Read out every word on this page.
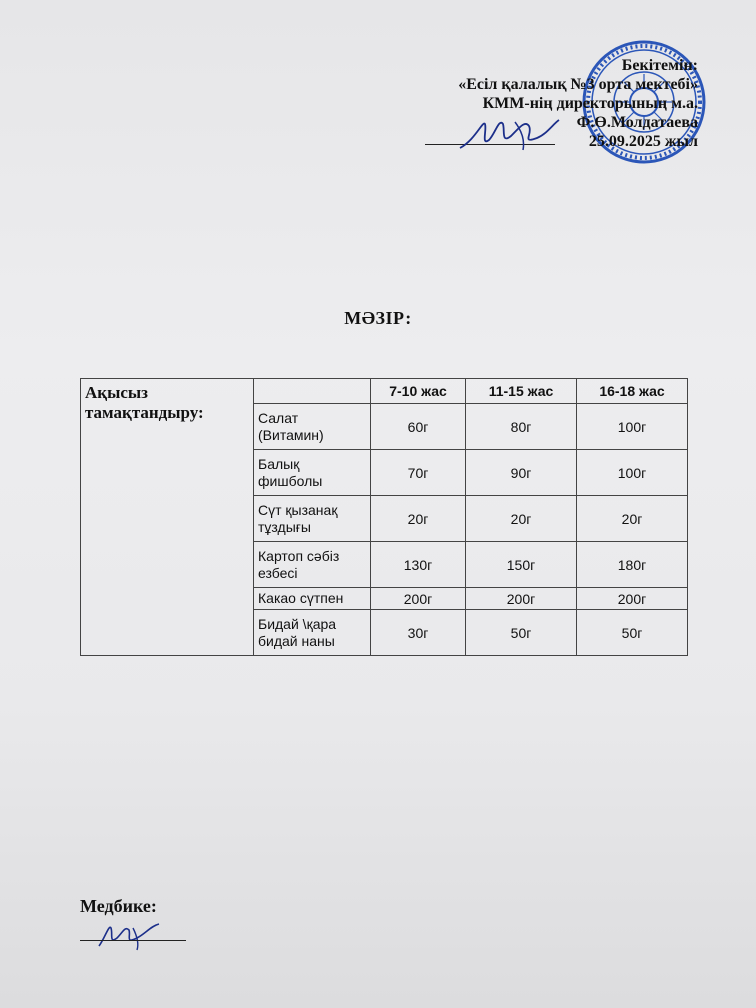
Бекітемін:
«Есіл қалалық №3 орта мектебі»
КММ-нің директорының м.а.
Ф.Ө.Молдатаева
25.09.2025 жыл
МӘЗІР:
Ақысыз тамақтандыру:		7-10 жас	11-15 жас	16-18 жас
	Салат (Витамин)	60г	80г	100г
	Балық фишболы	70г	90г	100г
	Сүт қызанақ тұздығы	20г	20г	20г
	Картоп сәбіз езбесі	130г	150г	180г
	Какао сүтпен	200г	200г	200г
	Бидай \қара бидай наны	30г	50г	50г
Медбике:
